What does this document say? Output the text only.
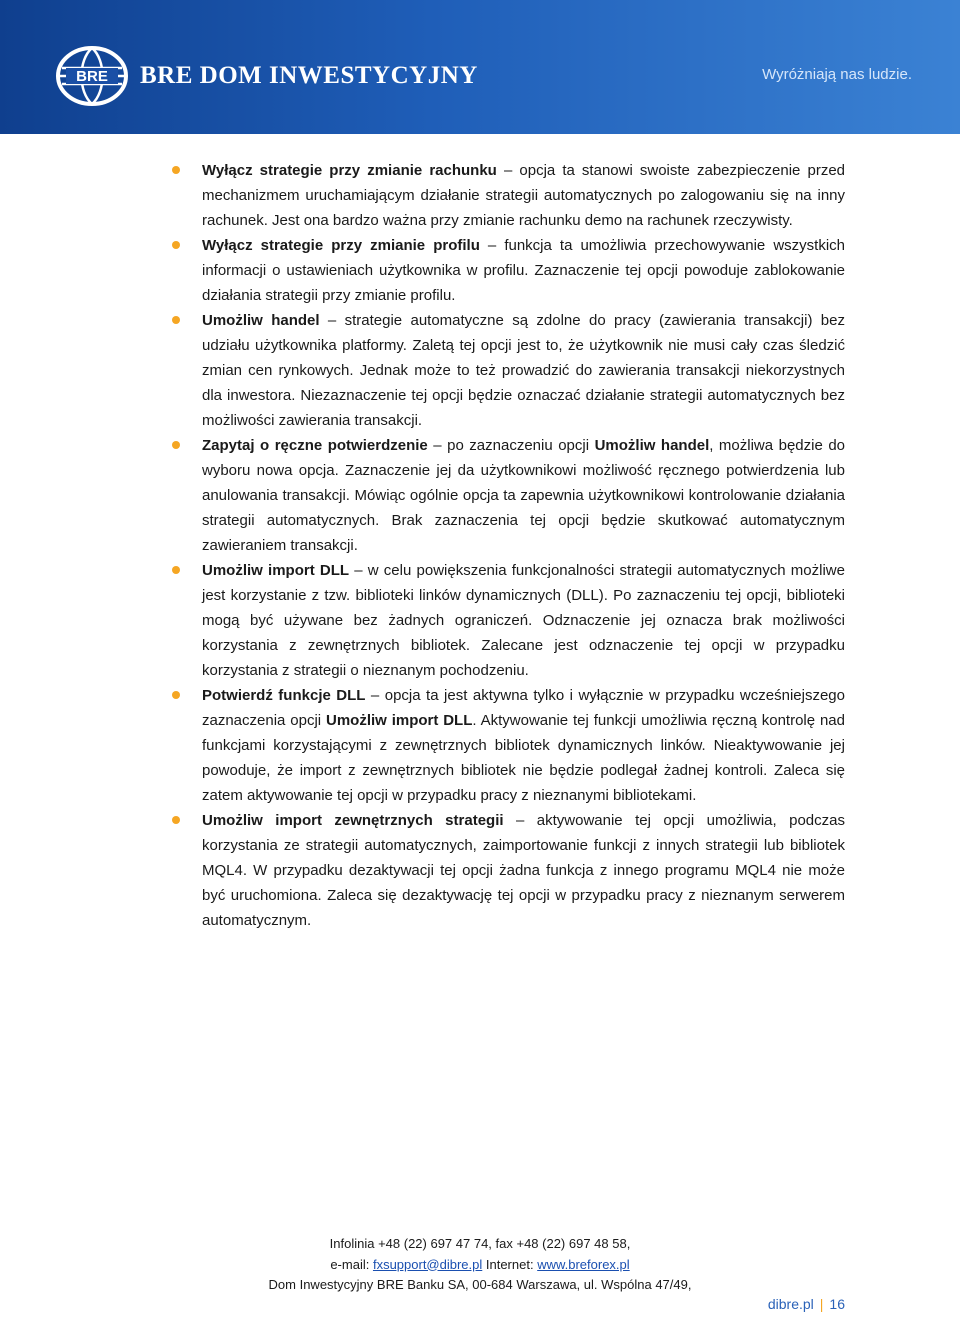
BRE BRE DOM INWESTYCYJNY	Wyróżniają nas ludzie.

Wyłącz strategie przy zmianie rachunku – opcja ta stanowi swoiste zabezpieczenie przed mechanizmem uruchamiającym działanie strategii automatycznych po zalogowaniu się na inny rachunek. Jest ona bardzo ważna przy zmianie rachunku demo na rachunek rzeczywisty.

Wyłącz strategie przy zmianie profilu – funkcja ta umożliwia przechowywanie wszystkich informacji o ustawieniach użytkownika w profilu. Zaznaczenie tej opcji powoduje zablokowanie działania strategii przy zmianie profilu.

Umożliw handel – strategie automatyczne są zdolne do pracy (zawierania transakcji) bez udziału użytkownika platformy. Zaletą tej opcji jest to, że użytkownik nie musi cały czas śledzić zmian cen rynkowych. Jednak może to też prowadzić do zawierania transakcji niekorzystnych dla inwestora. Niezaznaczenie tej opcji będzie oznaczać działanie strategii automatycznych bez możliwości zawierania transakcji.

Zapytaj o ręczne potwierdzenie – po zaznaczeniu opcji Umożliw handel, możliwa będzie do wyboru nowa opcja. Zaznaczenie jej da użytkownikowi możliwość ręcznego potwierdzenia lub anulowania transakcji. Mówiąc ogólnie opcja ta zapewnia użytkownikowi kontrolowanie działania strategii automatycznych. Brak zaznaczenia tej opcji będzie skutkować automatycznym zawieraniem transakcji.

Umożliw import DLL – w celu powiększenia funkcjonalności strategii automatycznych możliwe jest korzystanie z tzw. biblioteki linków dynamicznych (DLL). Po zaznaczeniu tej opcji, biblioteki mogą być używane bez żadnych ograniczeń. Odznaczenie jej oznacza brak możliwości korzystania z zewnętrznych bibliotek. Zalecane jest odznaczenie tej opcji w przypadku korzystania z strategii o nieznanym pochodzeniu.

Potwierdź funkcje DLL – opcja ta jest aktywna tylko i wyłącznie w przypadku wcześniejszego zaznaczenia opcji Umożliw import DLL. Aktywowanie tej funkcji umożliwia ręczną kontrolę nad funkcjami korzystającymi z zewnętrznych bibliotek dynamicznych linków. Nieaktywowanie jej powoduje, że import z zewnętrznych bibliotek nie będzie podlegał żadnej kontroli. Zaleca się zatem aktywowanie tej opcji w przypadku pracy z nieznanymi bibliotekami.

Umożliw import zewnętrznych strategii – aktywowanie tej opcji umożliwia, podczas korzystania ze strategii automatycznych, zaimportowanie funkcji z innych strategii lub bibliotek MQL4. W przypadku dezaktywacji tej opcji żadna funkcja z innego programu MQL4 nie może być uruchomiona. Zaleca się dezaktywację tej opcji w przypadku pracy z nieznanym serwerem automatycznym.

Infolinia +48 (22) 697 47 74, fax +48 (22) 697 48 58,
e-mail: fxsupport@dibre.pl Internet: www.breforex.pl
Dom Inwestycyjny BRE Banku SA, 00-684 Warszawa, ul. Wspólna 47/49,
dibre.pl | 16
